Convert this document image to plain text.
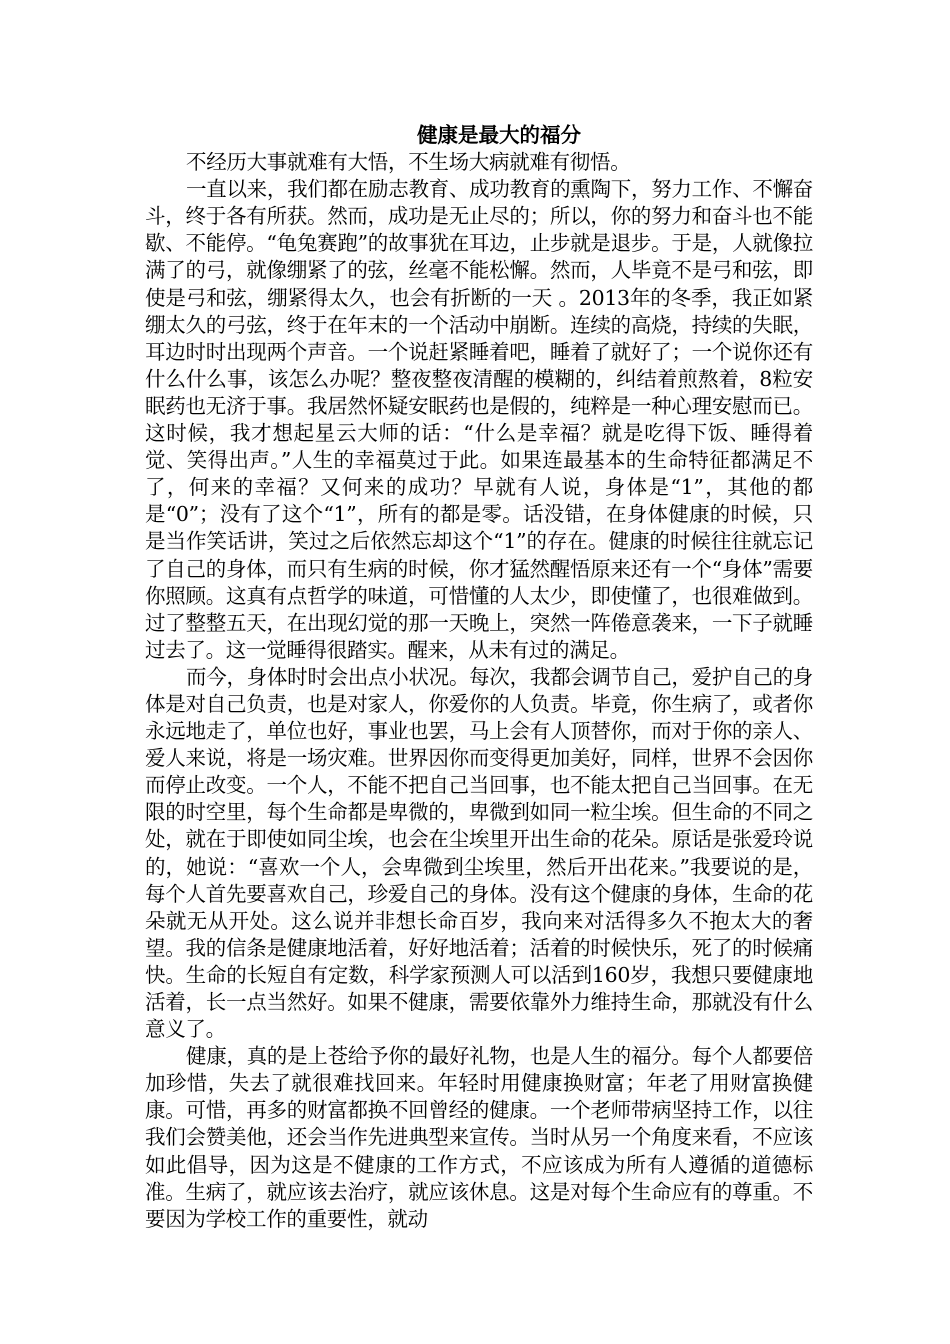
健康是最大的福分

不经历大事就难有大悟，不生场大病就难有彻悟。

一直以来，我们都在励志教育、成功教育的熏陶下，努力工作、不懈奋斗，终于各有所获。然而，成功是无止尽的；所以，你的努力和奋斗也不能歇、不能停。“龟兔赛跑”的故事犹在耳边，止步就是退步。于是，人就像拉满了的弓，就像绷紧了的弦，丝毫不能松懈。然而，人毕竟不是弓和弦，即使是弓和弦，绷紧得太久，也会有折断的一天 。2013年的冬季，我正如紧绷太久的弓弦，终于在年末的一个活动中崩断。连续的高烧，持续的失眠，耳边时时出现两个声音。一个说赶紧睡着吧，睡着了就好了；一个说你还有什么什么事，该怎么办呢？整夜整夜清醒的模糊的，纠结着煎熬着，8粒安眠药也无济于事。我居然怀疑安眠药也是假的，纯粹是一种心理安慰而已。这时候，我才想起星云大师的话：“什么是幸福？就是吃得下饭、睡得着觉、笑得出声。”人生的幸福莫过于此。如果连最基本的生命特征都满足不了，何来的幸福？又何来的成功？早就有人说，身体是“1”，其他的都是“0”；没有了这个“1”，所有的都是零。话没错，在身体健康的时候，只是当作笑话讲，笑过之后依然忘却这个“1”的存在。健康的时候往往就忘记了自己的身体，而只有生病的时候，你才猛然醒悟原来还有一个“身体”需要你照顾。这真有点哲学的味道，可惜懂的人太少，即使懂了，也很难做到。过了整整五天，在出现幻觉的那一天晚上，突然一阵倦意袭来，一下子就睡过去了。这一觉睡得很踏实。醒来，从未有过的满足。

而今，身体时时会出点小状况。每次，我都会调节自己，爱护自己的身体是对自己负责，也是对家人，你爱你的人负责。毕竟，你生病了，或者你永远地走了，单位也好，事业也罢，马上会有人顶替你，而对于你的亲人、爱人来说，将是一场灾难。世界因你而变得更加美好，同样，世界不会因你而停止改变。一个人，不能不把自己当回事，也不能太把自己当回事。在无限的时空里，每个生命都是卑微的，卑微到如同一粒尘埃。但生命的不同之处，就在于即使如同尘埃，也会在尘埃里开出生命的花朵。原话是张爱玲说的，她说：“喜欢一个人，会卑微到尘埃里，然后开出花来。”我要说的是，每个人首先要喜欢自己，珍爱自己的身体。没有这个健康的身体，生命的花朵就无从开处。这么说并非想长命百岁，我向来对活得多久不抱太大的奢望。我的信条是健康地活着，好好地活着；活着的时候快乐，死了的时候痛快。生命的长短自有定数，科学家预测人可以活到160岁，我想只要健康地活着，长一点当然好。如果不健康，需要依靠外力维持生命，那就没有什么意义了。

健康，真的是上苍给予你的最好礼物，也是人生的福分。每个人都要倍加珍惜，失去了就很难找回来。年轻时用健康换财富；年老了用财富换健康。可惜，再多的财富都换不回曾经的健康。一个老师带病坚持工作，以往我们会赞美他，还会当作先进典型来宣传。当时从另一个角度来看，不应该如此倡导，因为这是不健康的工作方式，不应该成为所有人遵循的道德标准。生病了，就应该去治疗，就应该休息。这是对每个生命应有的尊重。不要因为学校工作的重要性，就动
